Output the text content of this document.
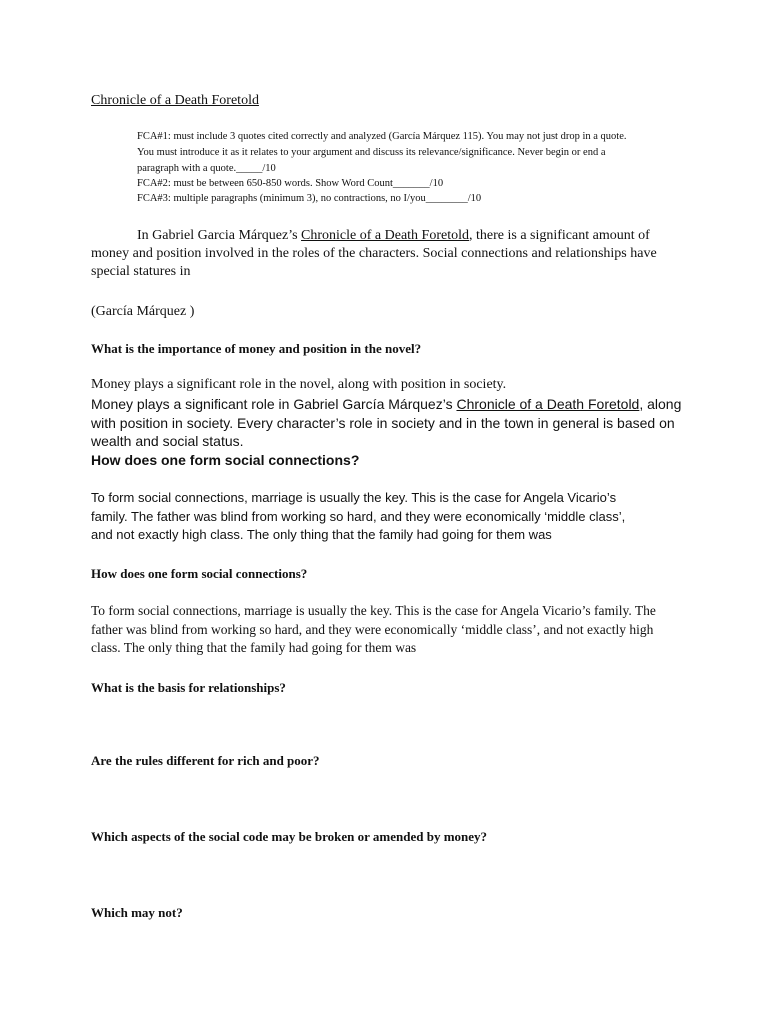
Chronicle of a Death Foretold
FCA#1: must include 3 quotes cited correctly and analyzed (García Márquez 115). You may not just drop in a quote.
You must introduce it as it relates to your argument and discuss its relevance/significance. Never begin or end a
paragraph with a quote._____/10
FCA#2: must be between 650-850 words. Show Word Count_______/10
FCA#3: multiple paragraphs (minimum 3), no contractions, no I/you________/10
In Gabriel Garcia Márquez’s Chronicle of a Death Foretold, there is a significant amount of
money and position involved in the roles of the characters. Social connections and relationships have
special statures in
(García Márquez )
What is the importance of money and position in the novel?
Money plays a significant role in the novel, along with position in society.
Money plays a significant role in Gabriel García Márquez’s Chronicle of a Death Foretold, along
with position in society. Every character’s role in society and in the town in general is based on
wealth and social status.
How does one form social connections?
To form social connections, marriage is usually the key. This is the case for Angela Vicario’s
family. The father was blind from working so hard, and they were economically ‘middle class’,
and not exactly high class. The only thing that the family had going for them was
How does one form social connections?
To form social connections, marriage is usually the key. This is the case for Angela Vicario’s family. The
father was blind from working so hard, and they were economically ‘middle class’, and not exactly high
class. The only thing that the family had going for them was
What is the basis for relationships?
Are the rules different for rich and poor?
Which aspects of the social code may be broken or amended by money?
Which may not?
